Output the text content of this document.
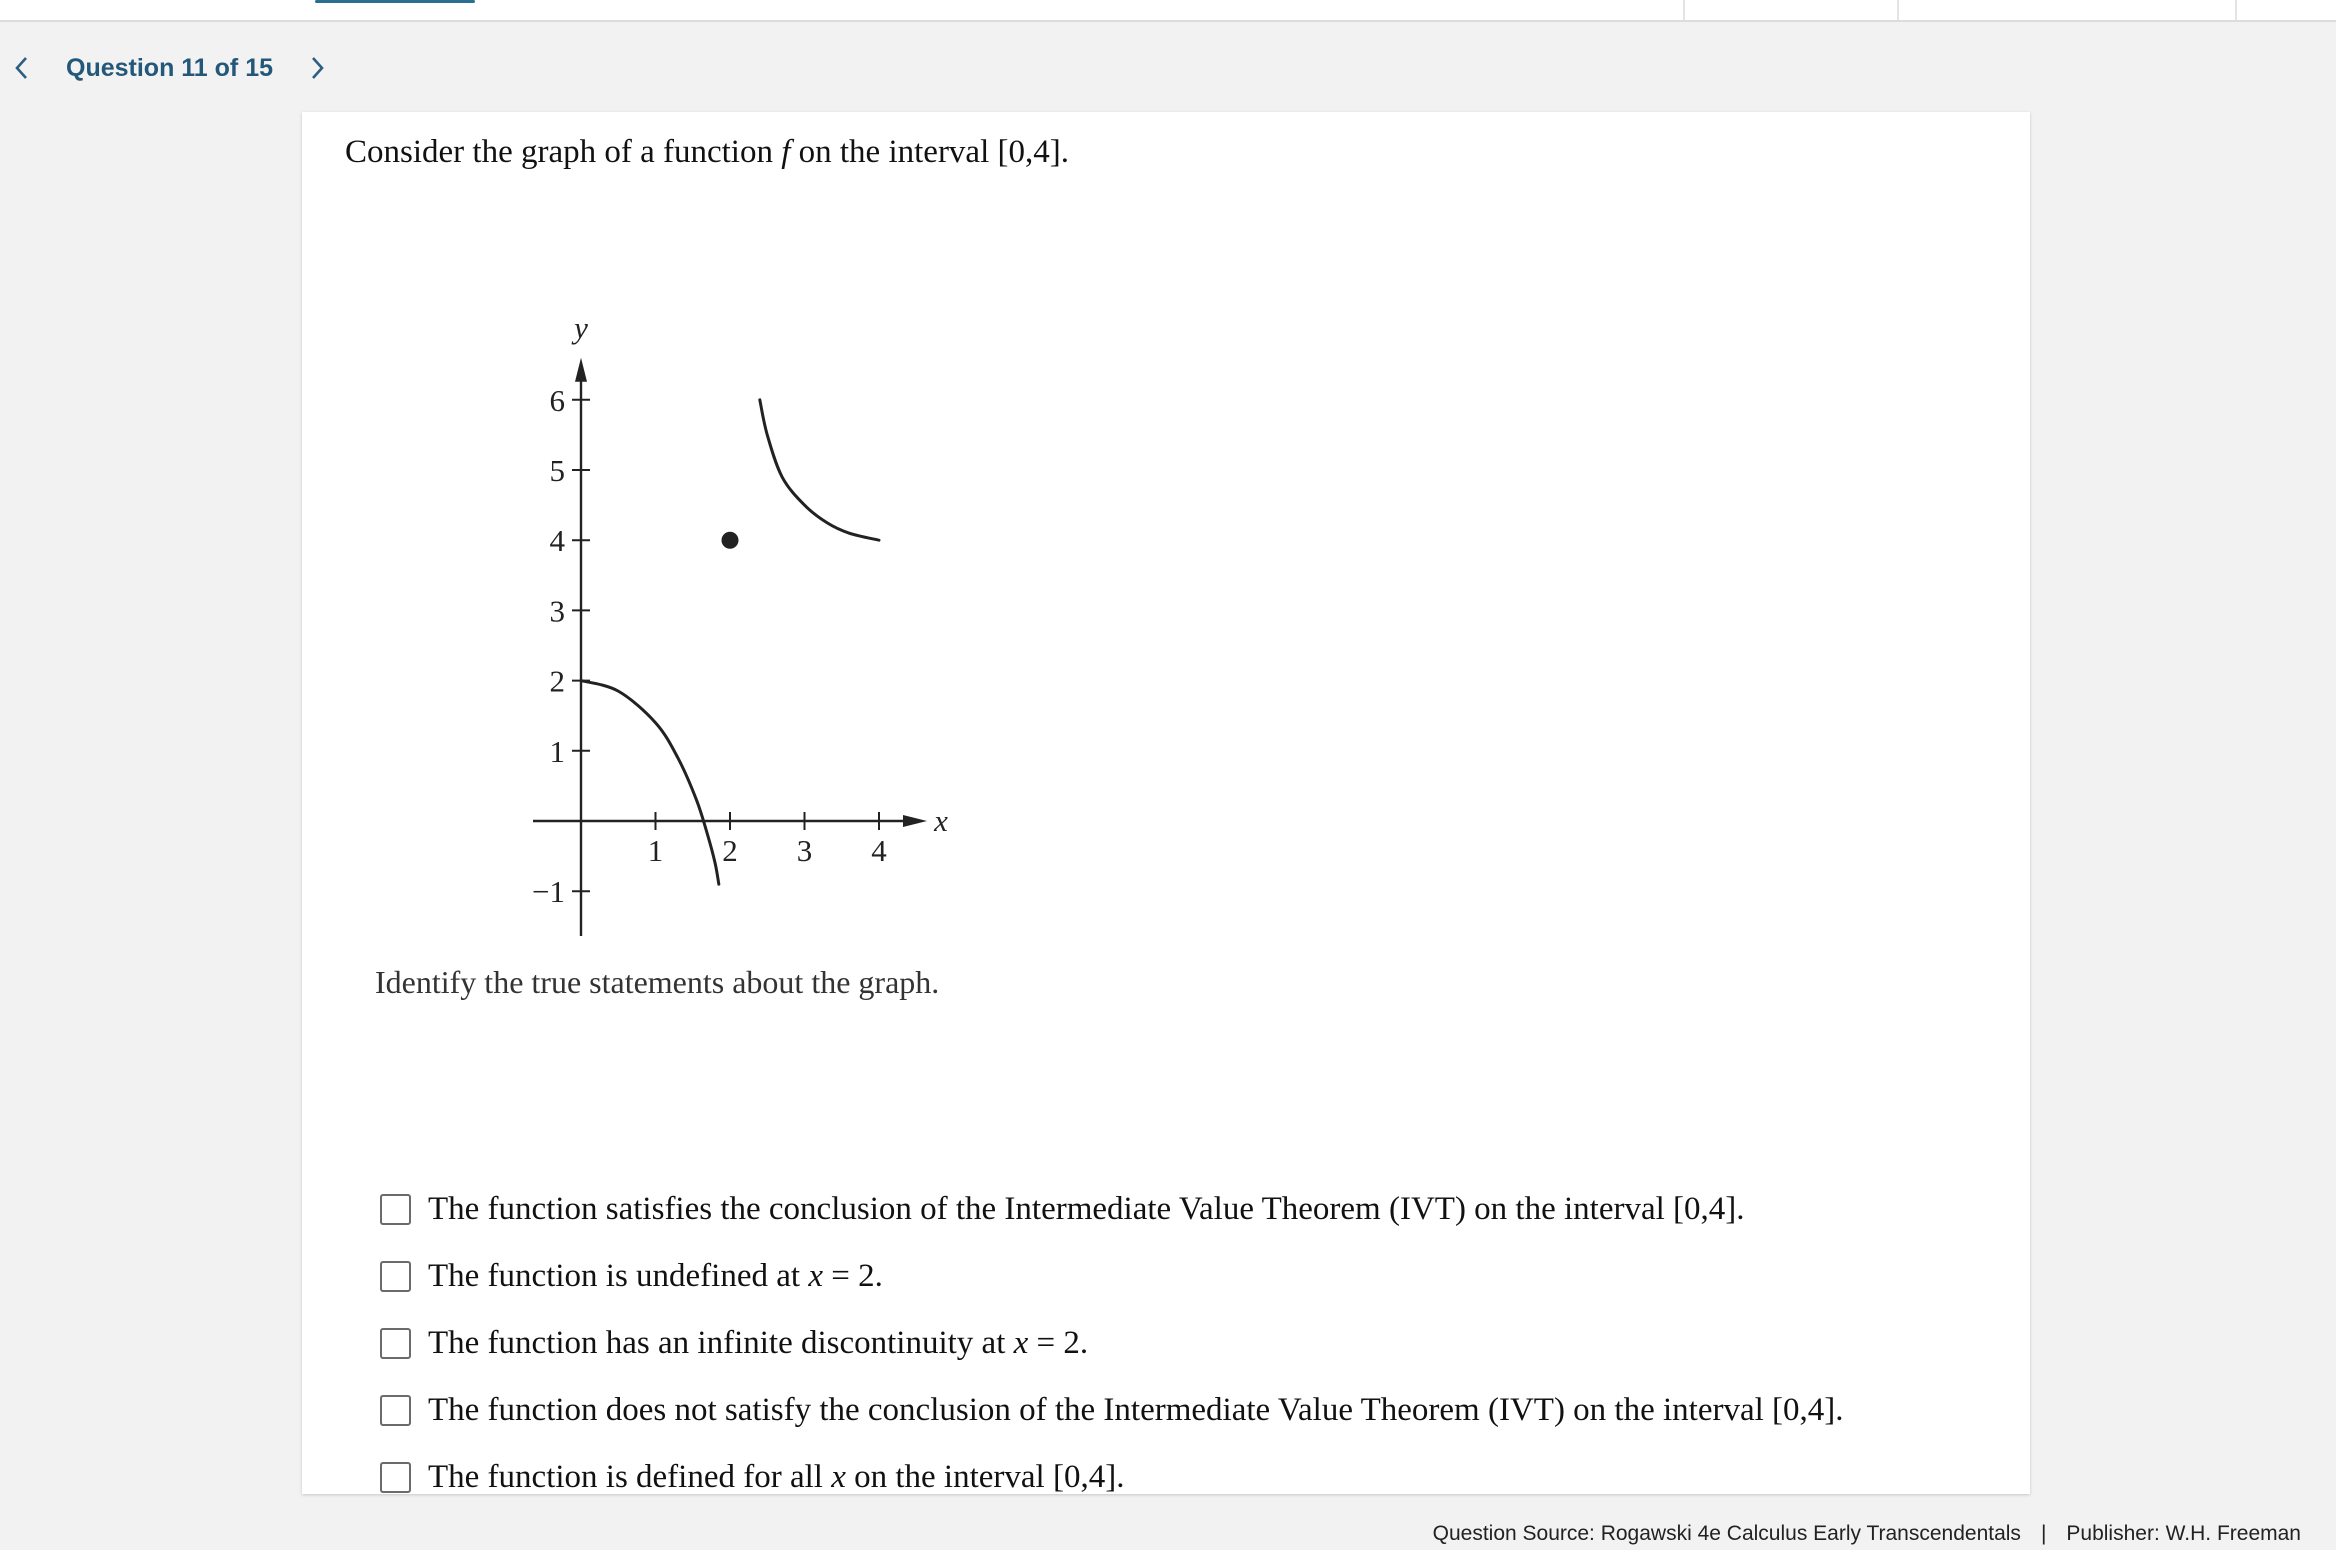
Question 11 of 15
Consider the graph of a function f on the interval [0,4].
y
x
6
5
4
3
2
1
−1
1 2 3 4
Identify the true statements about the graph.
The function satisfies the conclusion of the Intermediate Value Theorem (IVT) on the interval [0,4].
The function is undefined at x = 2.
The function has an infinite discontinuity at x = 2.
The function does not satisfy the conclusion of the Intermediate Value Theorem (IVT) on the interval [0,4].
The function is defined for all x on the interval [0,4].
Question Source: Rogawski 4e Calculus Early Transcendentals | Publisher: W.H. Freeman
